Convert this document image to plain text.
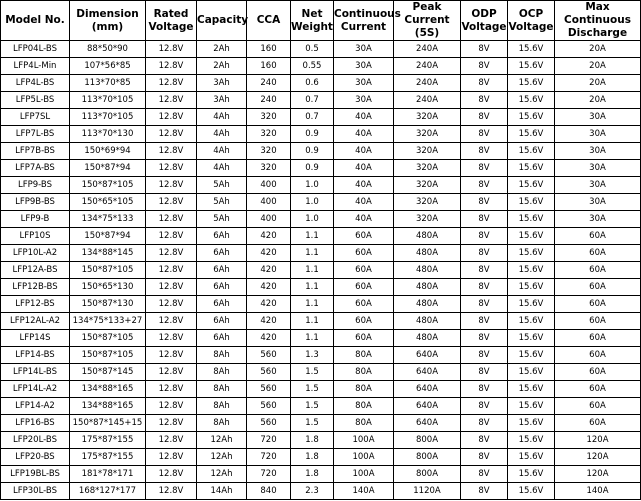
Model No.	Dimension (mm)	Rated Voltage	Capacity	CCA	Net Weight	Continuous Current	Peak Current (5S)	ODP Voltage	OCP Voltage	Max Continuous Discharge
LFP04L-BS	88*50*90	12.8V	2Ah	160	0.5	30A	240A	8V	15.6V	20A
LFP4L-Min	107*56*85	12.8V	2Ah	160	0.55	30A	240A	8V	15.6V	20A
LFP4L-BS	113*70*85	12.8V	3Ah	240	0.6	30A	240A	8V	15.6V	20A
LFP5L-BS	113*70*105	12.8V	3Ah	240	0.7	30A	240A	8V	15.6V	20A
LFP7SL	113*70*105	12.8V	4Ah	320	0.7	40A	320A	8V	15.6V	30A
LFP7L-BS	113*70*130	12.8V	4Ah	320	0.9	40A	320A	8V	15.6V	30A
LFP7B-BS	150*69*94	12.8V	4Ah	320	0.9	40A	320A	8V	15.6V	30A
LFP7A-BS	150*87*94	12.8V	4Ah	320	0.9	40A	320A	8V	15.6V	30A
LFP9-BS	150*87*105	12.8V	5Ah	400	1.0	40A	320A	8V	15.6V	30A
LFP9B-BS	150*65*105	12.8V	5Ah	400	1.0	40A	320A	8V	15.6V	30A
LFP9-B	134*75*133	12.8V	5Ah	400	1.0	40A	320A	8V	15.6V	30A
LFP10S	150*87*94	12.8V	6Ah	420	1.1	60A	480A	8V	15.6V	60A
LFP10L-A2	134*88*145	12.8V	6Ah	420	1.1	60A	480A	8V	15.6V	60A
LFP12A-BS	150*87*105	12.8V	6Ah	420	1.1	60A	480A	8V	15.6V	60A
LFP12B-BS	150*65*130	12.8V	6Ah	420	1.1	60A	480A	8V	15.6V	60A
LFP12-BS	150*87*130	12.8V	6Ah	420	1.1	60A	480A	8V	15.6V	60A
LFP12AL-A2	134*75*133+27	12.8V	6Ah	420	1.1	60A	480A	8V	15.6V	60A
LFP14S	150*87*105	12.8V	6Ah	420	1.1	60A	480A	8V	15.6V	60A
LFP14-BS	150*87*105	12.8V	8Ah	560	1.3	80A	640A	8V	15.6V	60A
LFP14L-BS	150*87*145	12.8V	8Ah	560	1.5	80A	640A	8V	15.6V	60A
LFP14L-A2	134*88*165	12.8V	8Ah	560	1.5	80A	640A	8V	15.6V	60A
LFP14-A2	134*88*165	12.8V	8Ah	560	1.5	80A	640A	8V	15.6V	60A
LFP16-BS	150*87*145+15	12.8V	8Ah	560	1.5	80A	640A	8V	15.6V	60A
LFP20L-BS	175*87*155	12.8V	12Ah	720	1.8	100A	800A	8V	15.6V	120A
LFP20-BS	175*87*155	12.8V	12Ah	720	1.8	100A	800A	8V	15.6V	120A
LFP19BL-BS	181*78*171	12.8V	12Ah	720	1.8	100A	800A	8V	15.6V	120A
LFP30L-BS	168*127*177	12.8V	14Ah	840	2.3	140A	1120A	8V	15.6V	140A
